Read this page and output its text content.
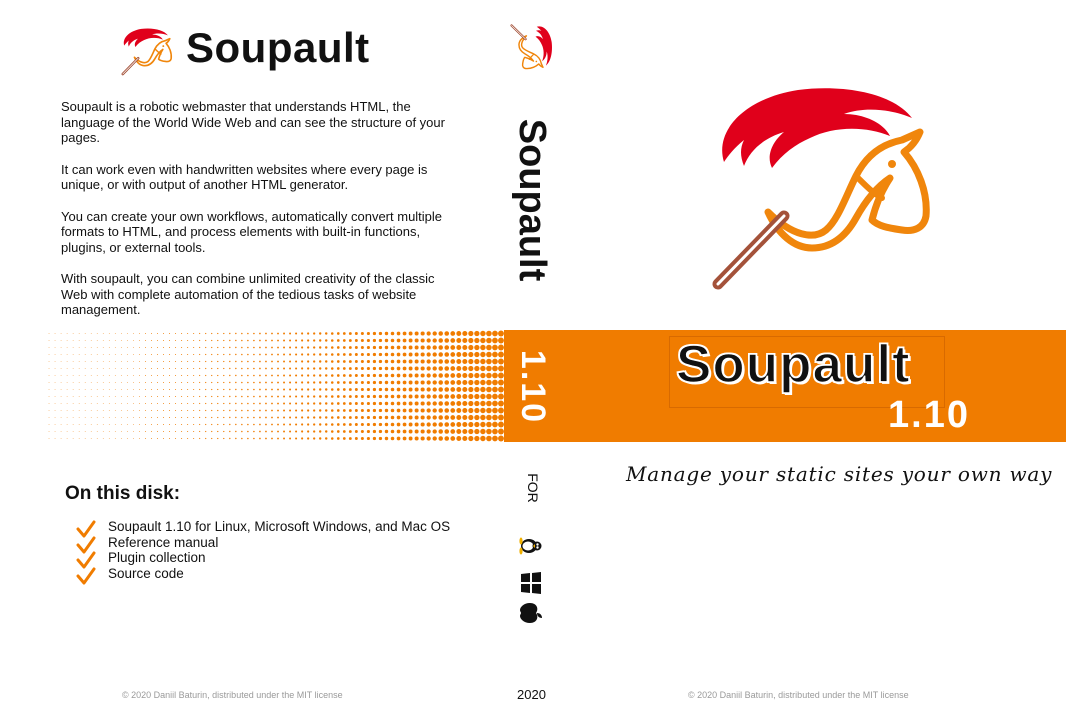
Soupault

Soupault is a robotic webmaster that understands HTML, the language of the World Wide Web and can see the structure of your pages.

It can work even with handwritten websites where every page is unique, or with output of another HTML generator.

You can create your own workflows, automatically convert multiple formats to HTML, and process elements with built-in functions, plugins, or external tools.

With soupault, you can combine unlimited creativity of the classic Web with complete automation of the tedious tasks of website management.

On this disk:
Soupault 1.10 for Linux, Microsoft Windows, and Mac OS
Reference manual
Plugin collection
Source code
© 2020 Daniil Baturin, distributed under the MIT license
Soupault
1.10
FOR
2020
Soupault
1.10
Manage your static sites your own way
© 2020 Daniil Baturin, distributed under the MIT license
